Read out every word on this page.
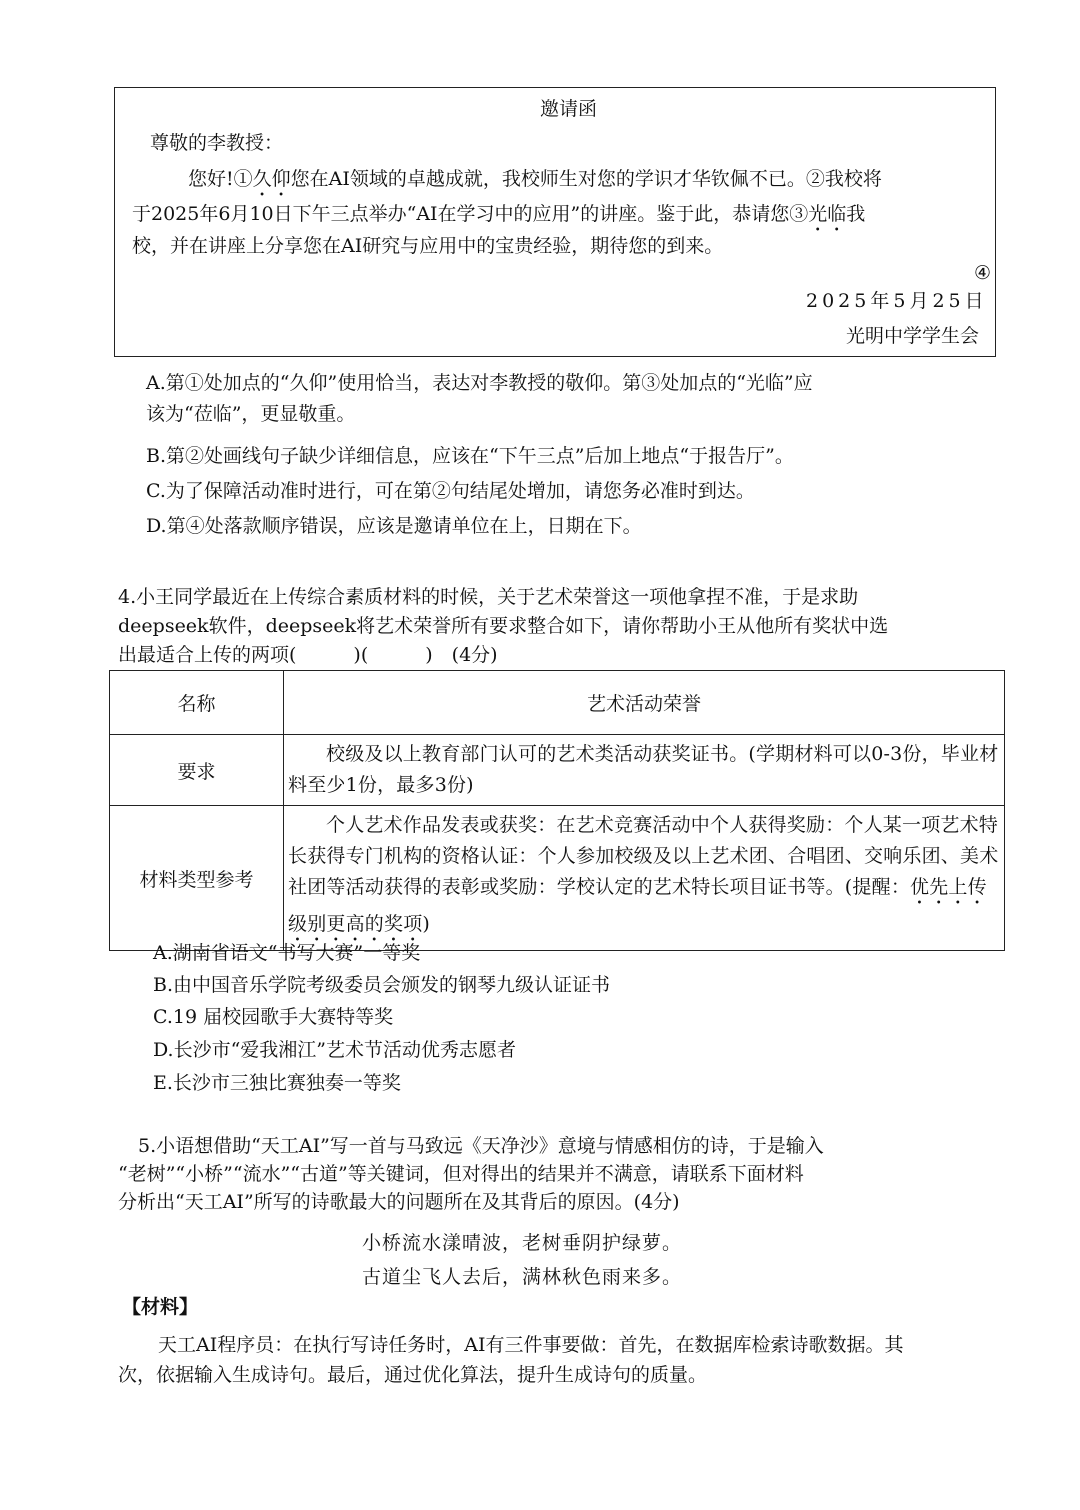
邀请函
尊敬的李教授：
您好!①久仰您在AI领域的卓越成就，我校师生对您的学识才华钦佩不已。②我校将
于2025年6月10日下午三点举办“AI在学习中的应用”的讲座。鉴于此，恭请您③光临我
校，并在讲座上分享您在AI研究与应用中的宝贵经验，期待您的到来。
④
2025年5月25日
光明中学学生会
A.第①处加点的“久仰”使用恰当，表达对李教授的敬仰。第③处加点的“光临”应
该为“莅临”，更显敬重。
B.第②处画线句子缺少详细信息，应该在“下午三点”后加上地点“于报告厅”。
C.为了保障活动准时进行，可在第②句结尾处增加，请您务必准时到达。
D.第④处落款顺序错误，应该是邀请单位在上，日期在下。
4.小王同学最近在上传综合素质材料的时候，关于艺术荣誉这一项他拿捏不准，于是求助
deepseek软件，deepseek将艺术荣誉所有要求整合如下，请你帮助小王从他所有奖状中选
出最适合上传的两项(　　　)(　　　)　(4分)
名称	艺术活动荣誉
要求	校级及以上教育部门认可的艺术类活动获奖证书。(学期材料可以0-3份，毕业材料至少1份，最多3份)
材料类型参考	个人艺术作品发表或获奖：在艺术竞赛活动中个人获得奖励：个人某一项艺术特长获得专门机构的资格认证：个人参加校级及以上艺术团、合唱团、交响乐团、美术社团等活动获得的表彰或奖励：学校认定的艺术特长项目证书等。(提醒：优先上传级别更高的奖项)
A.湖南省语文“书写大赛”一等奖
B.由中国音乐学院考级委员会颁发的钢琴九级认证证书
C.19 届校园歌手大赛特等奖
D.长沙市“爱我湘江”艺术节活动优秀志愿者
E.长沙市三独比赛独奏一等奖
5.小语想借助“天工AI”写一首与马致远《天净沙》意境与情感相仿的诗，于是输入
“老树”“小桥”“流水”“古道”等关键词，但对得出的结果并不满意，请联系下面材料
分析出“天工AI”所写的诗歌最大的问题所在及其背后的原因。(4分)
小桥流水漾晴波，老树垂阴护绿萝。
古道尘飞人去后，满林秋色雨来多。
【材料】
天工AI程序员：在执行写诗任务时，AI有三件事要做：首先，在数据库检索诗歌数据。其
次，依据输入生成诗句。最后，通过优化算法，提升生成诗句的质量。
